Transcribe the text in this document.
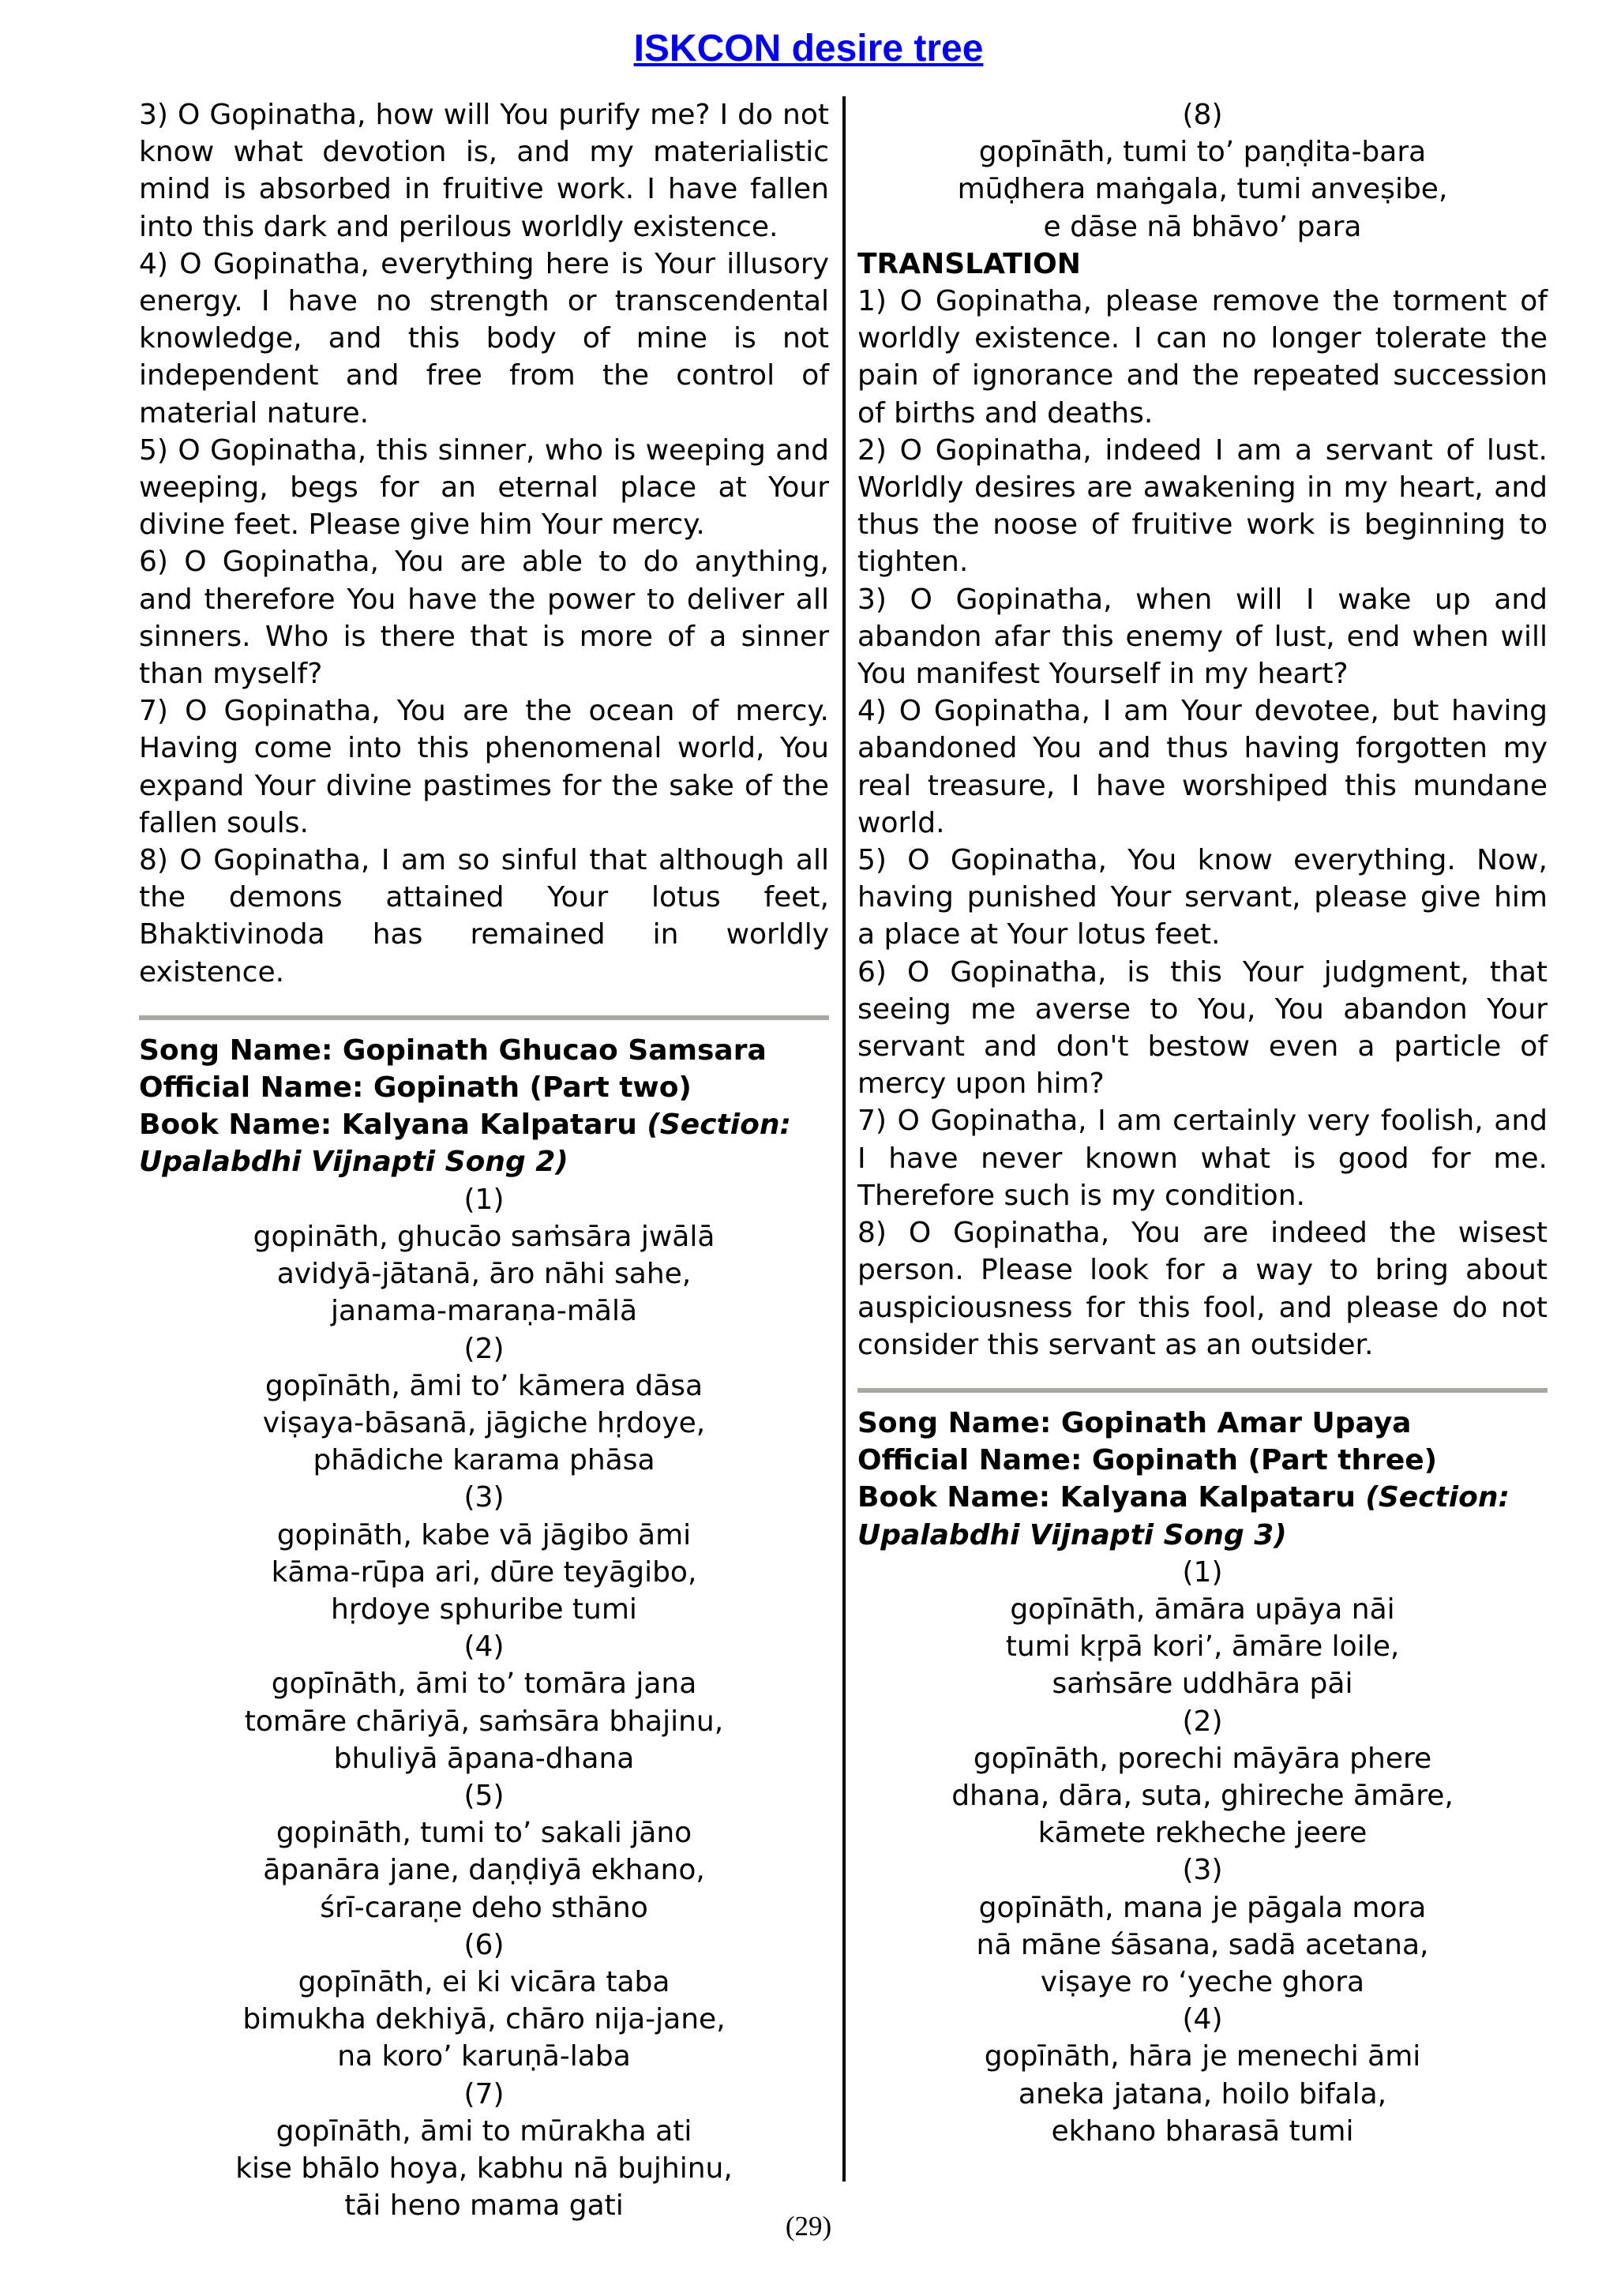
ISKCON desire tree
3) O Gopinatha, how will You purify me? I do not know what devotion is, and my materialistic mind is absorbed in fruitive work. I have fallen into this dark and perilous worldly existence.
4) O Gopinatha, everything here is Your illusory energy. I have no strength or transcendental knowledge, and this body of mine is not independent and free from the control of material nature.
5) O Gopinatha, this sinner, who is weeping and weeping, begs for an eternal place at Your divine feet. Please give him Your mercy.
6) O Gopinatha, You are able to do anything, and therefore You have the power to deliver all sinners. Who is there that is more of a sinner than myself?
7) O Gopinatha, You are the ocean of mercy. Having come into this phenomenal world, You expand Your divine pastimes for the sake of the fallen souls.
8) O Gopinatha, I am so sinful that although all the demons attained Your lotus feet, Bhaktivinoda has remained in worldly existence.
Song Name: Gopinath Ghucao Samsara
Official Name: Gopinath (Part two)
Book Name: Kalyana Kalpataru (Section:
Upalabdhi Vijnapti Song 2)
(1)
gopināth, ghucāo saṁsāra jwālā
avidyā-jātanā, āro nāhi sahe,
janama-maraṇa-mālā
(2)
gopīnāth, āmi to’ kāmera dāsa
viṣaya-bāsanā, jāgiche hṛdoye,
phādiche karama phāsa
(3)
gopināth, kabe vā jāgibo āmi
kāma-rūpa ari, dūre teyāgibo,
hṛdoye sphuribe tumi
(4)
gopīnāth, āmi to’ tomāra jana
tomāre chāriyā, saṁsāra bhajinu,
bhuliyā āpana-dhana
(5)
gopināth, tumi to’ sakali jāno
āpanāra jane, daṇḍiyā ekhano,
śrī-caraṇe deho sthāno
(6)
gopīnāth, ei ki vicāra taba
bimukha dekhiyā, chāro nija-jane,
na koro’ karuṇā-laba
(7)
gopīnāth, āmi to mūrakha ati
kise bhālo hoya, kabhu nā bujhinu,
tāi heno mama gati
(8)
gopīnāth, tumi to’ paṇḍita-bara
mūḍhera maṅgala, tumi anveṣibe,
e dāse nā bhāvo’ para
TRANSLATION
1) O Gopinatha, please remove the torment of worldly existence. I can no longer tolerate the pain of ignorance and the repeated succession of births and deaths.
2) O Gopinatha, indeed I am a servant of lust. Worldly desires are awakening in my heart, and thus the noose of fruitive work is beginning to tighten.
3) O Gopinatha, when will I wake up and abandon afar this enemy of lust, end when will You manifest Yourself in my heart?
4) O Gopinatha, I am Your devotee, but having abandoned You and thus having forgotten my real treasure, I have worshiped this mundane world.
5) O Gopinatha, You know everything. Now, having punished Your servant, please give him a place at Your lotus feet.
6) O Gopinatha, is this Your judgment, that seeing me averse to You, You abandon Your servant and don't bestow even a particle of mercy upon him?
7) O Gopinatha, I am certainly very foolish, and I have never known what is good for me. Therefore such is my condition.
8) O Gopinatha, You are indeed the wisest person. Please look for a way to bring about auspiciousness for this fool, and please do not consider this servant as an outsider.
Song Name: Gopinath Amar Upaya
Official Name: Gopinath (Part three)
Book Name: Kalyana Kalpataru (Section:
Upalabdhi Vijnapti Song 3)
(1)
gopīnāth, āmāra upāya nāi
tumi kṛpā kori’, āmāre loile,
saṁsāre uddhāra pāi
(2)
gopīnāth, porechi māyāra phere
dhana, dāra, suta, ghireche āmāre,
kāmete rekheche jeere
(3)
gopīnāth, mana je pāgala mora
nā māne śāsana, sadā acetana,
viṣaye ro ‘yeche ghora
(4)
gopīnāth, hāra je menechi āmi
aneka jatana, hoilo bifala,
ekhano bharasā tumi
(29)
